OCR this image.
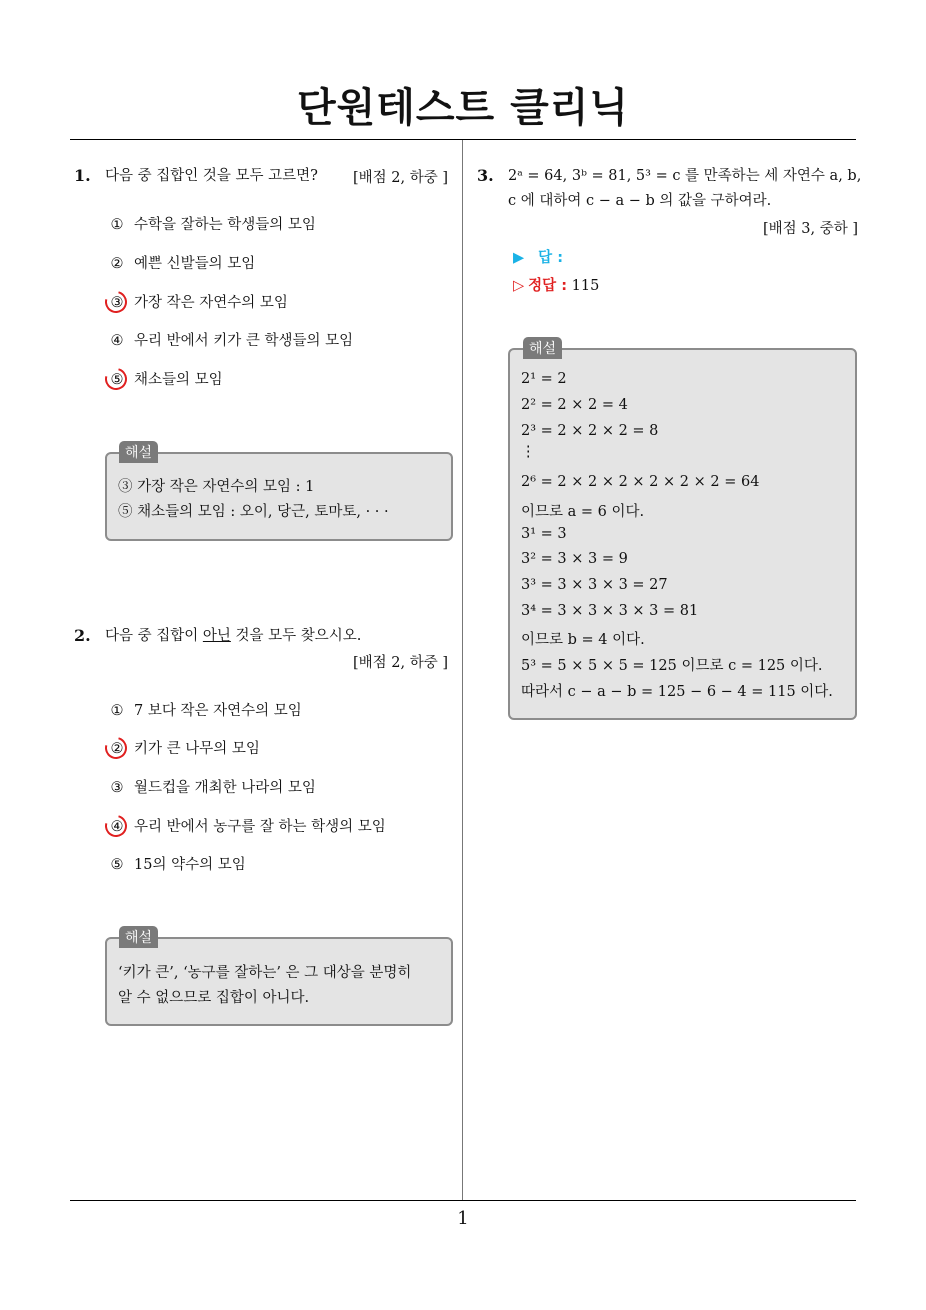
단원테스트 클리닉
1. 다음 중 집합인 것을 모두 고르면? [배점 2, 하중 ]
① 수학을 잘하는 학생들의 모임
② 예쁜 신발들의 모임
③ 가장 작은 자연수의 모임
④ 우리 반에서 키가 큰 학생들의 모임
⑤ 채소들의 모임
해설
③ 가장 작은 자연수의 모임 : 1
⑤ 채소들의 모임 : 오이, 당근, 토마토, · · ·
2. 다음 중 집합이 아닌 것을 모두 찾으시오.
[배점 2, 하중 ]
① 7 보다 작은 자연수의 모임
② 키가 큰 나무의 모임
③ 월드컵을 개최한 나라의 모임
④ 우리 반에서 농구를 잘 하는 학생의 모임
⑤ 15의 약수의 모임
해설
‘키가 큰’, ‘농구를 잘하는’ 은 그 대상을 분명히
알 수 없으므로 집합이 아니다.
3. 2ᵃ = 64, 3ᵇ = 81, 5³ = c 를 만족하는 세 자연수 a, b,
c 에 대하여 c − a − b 의 값을 구하여라.
[배점 3, 중하 ]
▶ 답 :
▷ 정답 : 115
해설
2¹ = 2
2² = 2 × 2 = 4
2³ = 2 × 2 × 2 = 8
⋮
2⁶ = 2 × 2 × 2 × 2 × 2 × 2 = 64
이므로 a = 6 이다.
3¹ = 3
3² = 3 × 3 = 9
3³ = 3 × 3 × 3 = 27
3⁴ = 3 × 3 × 3 × 3 = 81
이므로 b = 4 이다.
5³ = 5 × 5 × 5 = 125 이므로 c = 125 이다.
따라서 c − a − b = 125 − 6 − 4 = 115 이다.
1
